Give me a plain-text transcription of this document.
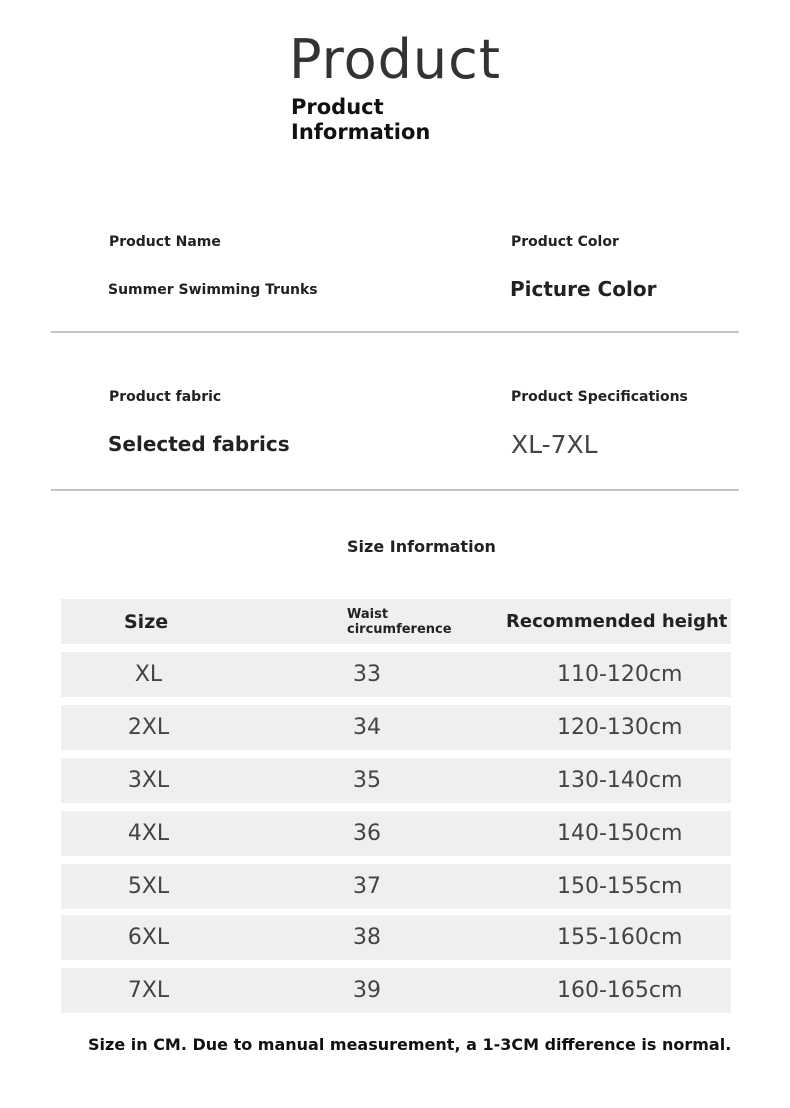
Product
Product Information
Product Name
Summer Swimming Trunks
Product Color
Picture Color
Product fabric
Selected fabrics
Product Specifications
XL-7XL
Size Information
Size	Waist circumference	Recommended height
XL	33	110-120cm
2XL	34	120-130cm
3XL	35	130-140cm
4XL	36	140-150cm
5XL	37	150-155cm
6XL	38	155-160cm
7XL	39	160-165cm
Size in CM. Due to manual measurement, a 1-3CM difference is normal.
